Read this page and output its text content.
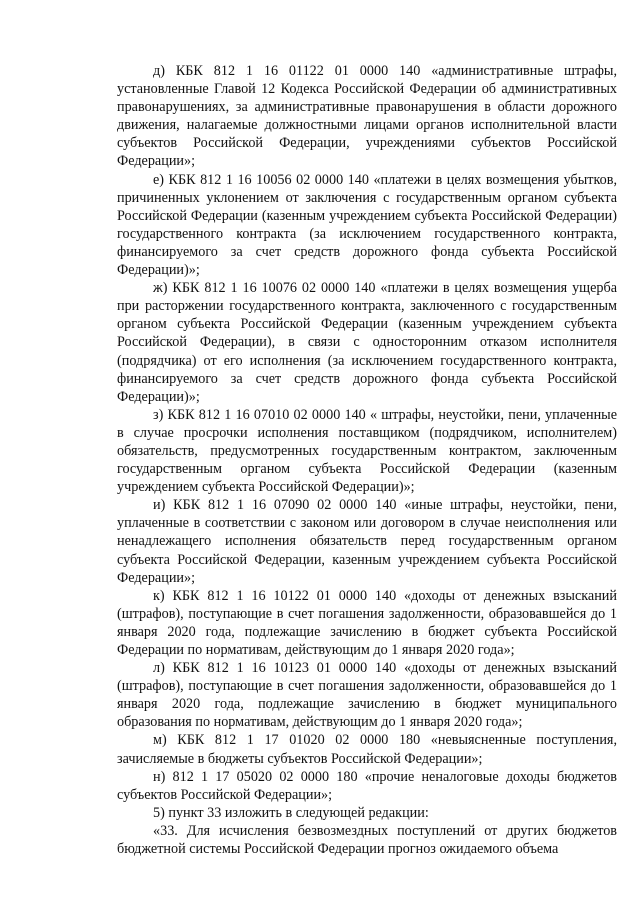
д) КБК 812 1 16 01122 01 0000 140 «административные штрафы, установленные Главой 12 Кодекса Российской Федерации об административных правонарушениях, за административные правонарушения в области дорожного движения, налагаемые должностными лицами органов исполнительной власти субъектов Российской Федерации, учреждениями субъектов Российской Федерации»;

е) КБК 812 1 16 10056 02 0000 140 «платежи в целях возмещения убытков, причиненных уклонением от заключения с государственным органом субъекта Российской Федерации (казенным учреждением субъекта Российской Федерации) государственного контракта (за исключением государственного контракта, финансируемого за счет средств дорожного фонда субъекта Российской Федерации)»;

ж) КБК 812 1 16 10076 02 0000 140 «платежи в целях возмещения ущерба при расторжении государственного контракта, заключенного с государственным органом субъекта Российской Федерации (казенным учреждением субъекта Российской Федерации), в связи с односторонним отказом исполнителя (подрядчика) от его исполнения (за исключением государственного контракта, финансируемого за счет средств дорожного фонда субъекта Российской Федерации)»;

з) КБК 812 1 16 07010 02 0000 140 « штрафы, неустойки, пени, уплаченные в случае просрочки исполнения поставщиком (подрядчиком, исполнителем) обязательств, предусмотренных государственным контрактом, заключенным государственным органом субъекта Российской Федерации (казенным учреждением субъекта Российской Федерации)»;

и) КБК 812 1 16 07090 02 0000 140 «иные штрафы, неустойки, пени, уплаченные в соответствии с законом или договором в случае неисполнения или ненадлежащего исполнения обязательств перед государственным органом субъекта Российской Федерации, казенным учреждением субъекта Российской Федерации»;

к) КБК 812 1 16 10122 01 0000 140 «доходы от денежных взысканий (штрафов), поступающие в счет погашения задолженности, образовавшейся до 1 января 2020 года, подлежащие зачислению в бюджет субъекта Российской Федерации по нормативам, действующим до 1 января 2020 года»;

л) КБК 812 1 16 10123 01 0000 140 «доходы от денежных взысканий (штрафов), поступающие в счет погашения задолженности, образовавшейся до 1 января 2020 года, подлежащие зачислению в бюджет муниципального образования по нормативам, действующим до 1 января 2020 года»;

м) КБК 812 1 17 01020 02 0000 180 «невыясненные поступления, зачисляемые в бюджеты субъектов Российской Федерации»;

н) 812 1 17 05020 02 0000 180 «прочие неналоговые доходы бюджетов субъектов Российской Федерации»;

5) пункт 33 изложить в следующей редакции:

«33. Для исчисления безвозмездных поступлений от других бюджетов бюджетной системы Российской Федерации прогноз ожидаемого объема
